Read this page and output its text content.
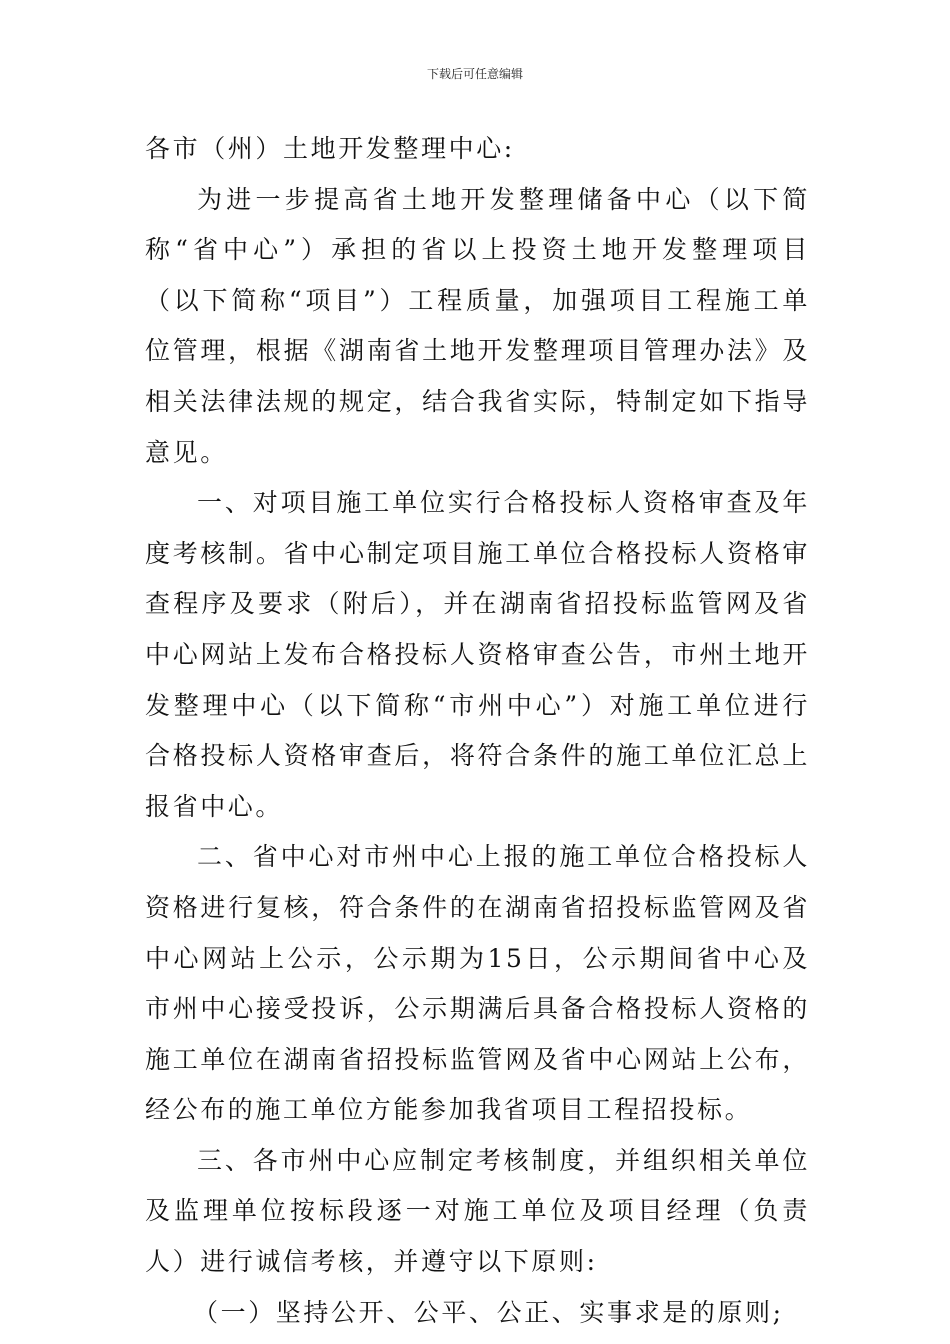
下载后可任意编辑

各市（州）土地开发整理中心:

为进一步提高省土地开发整理储备中心（以下简称“省中心”）承担的省以上投资土地开发整理项目（以下简称“项目”）工程质量，加强项目工程施工单位管理，根据《湖南省土地开发整理项目管理办法》及相关法律法规的规定，结合我省实际，特制定如下指导意见。

一、对项目施工单位实行合格投标人资格审查及年度考核制。省中心制定项目施工单位合格投标人资格审查程序及要求（附后），并在湖南省招投标监管网及省中心网站上发布合格投标人资格审查公告，市州土地开发整理中心（以下简称“市州中心”）对施工单位进行合格投标人资格审查后，将符合条件的施工单位汇总上报省中心。

二、省中心对市州中心上报的施工单位合格投标人资格进行复核，符合条件的在湖南省招投标监管网及省中心网站上公示，公示期为15日，公示期间省中心及市州中心接受投诉，公示期满后具备合格投标人资格的施工单位在湖南省招投标监管网及省中心网站上公布，经公布的施工单位方能参加我省项目工程招投标。

三、各市州中心应制定考核制度，并组织相关单位及监理单位按标段逐一对施工单位及项目经理（负责人）进行诚信考核，并遵守以下原则:

（一）坚持公开、公平、公正、实事求是的原则;
